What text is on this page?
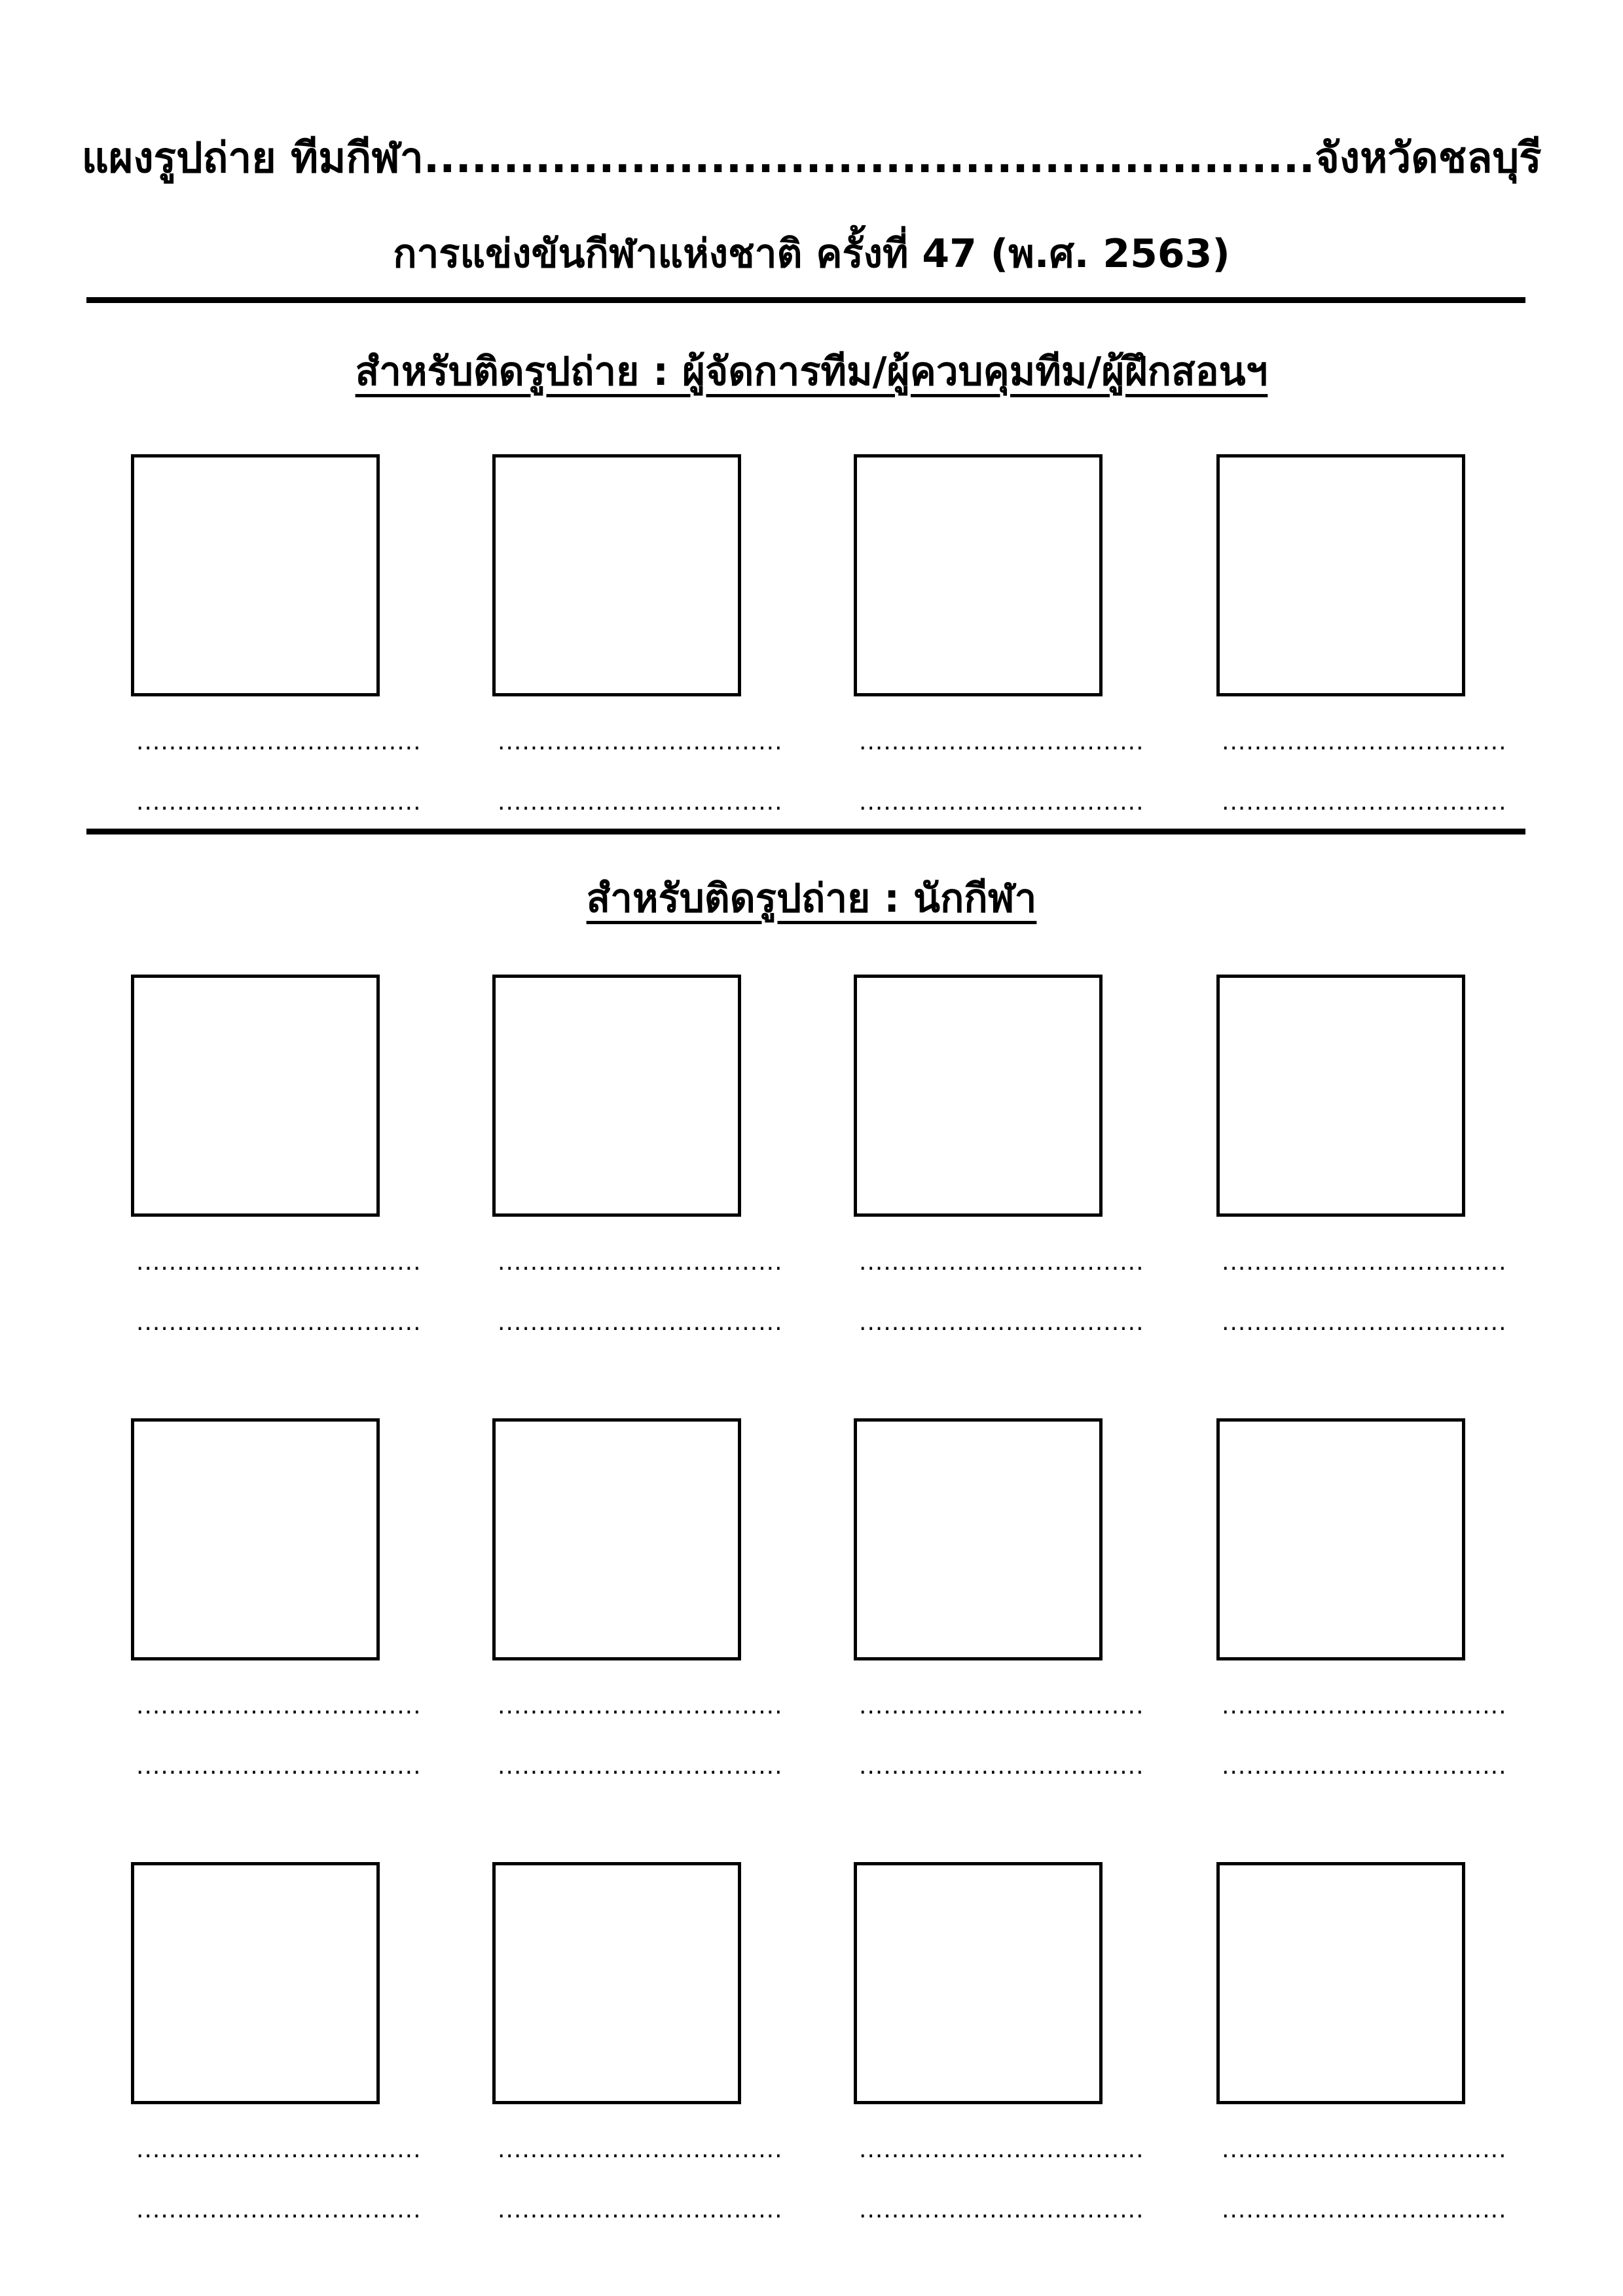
แผงรูปถ่าย ทีมกีฬา........................................................จังหวัดชลบุรี
การแข่งขันกีฬาแห่งชาติ ครั้งที่ 47 (พ.ศ. 2563)
สำหรับติดรูปถ่าย : ผู้จัดการทีม/ผู้ควบคุมทีม/ผู้ฝึกสอนฯ
สำหรับติดรูปถ่าย : นักกีฬา
...................................
...................................
...................................
...................................
...................................
...................................
...................................
...................................
...................................
...................................
...................................
...................................
...................................
...................................
...................................
...................................
...................................
...................................
...................................
...................................
...................................
...................................
...................................
...................................
...................................
...................................
...................................
...................................
...................................
...................................
...................................
...................................
